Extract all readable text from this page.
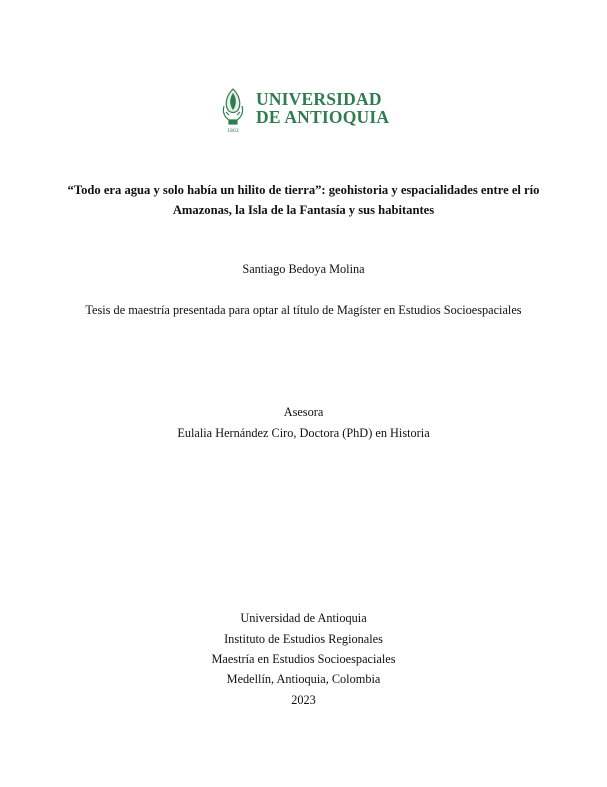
1803
UNIVERSIDAD
DE ANTIOQUIA
“Todo era agua y solo había un hilito de tierra”: geohistoria y espacialidades entre el río
Amazonas, la Isla de la Fantasía y sus habitantes
Santiago Bedoya Molina
Tesis de maestría presentada para optar al título de Magíster en Estudios Socioespaciales
Asesora
Eulalia Hernández Ciro, Doctora (PhD) en Historia
Universidad de Antioquia
Instituto de Estudios Regionales
Maestría en Estudios Socioespaciales
Medellín, Antioquia, Colombia
2023
